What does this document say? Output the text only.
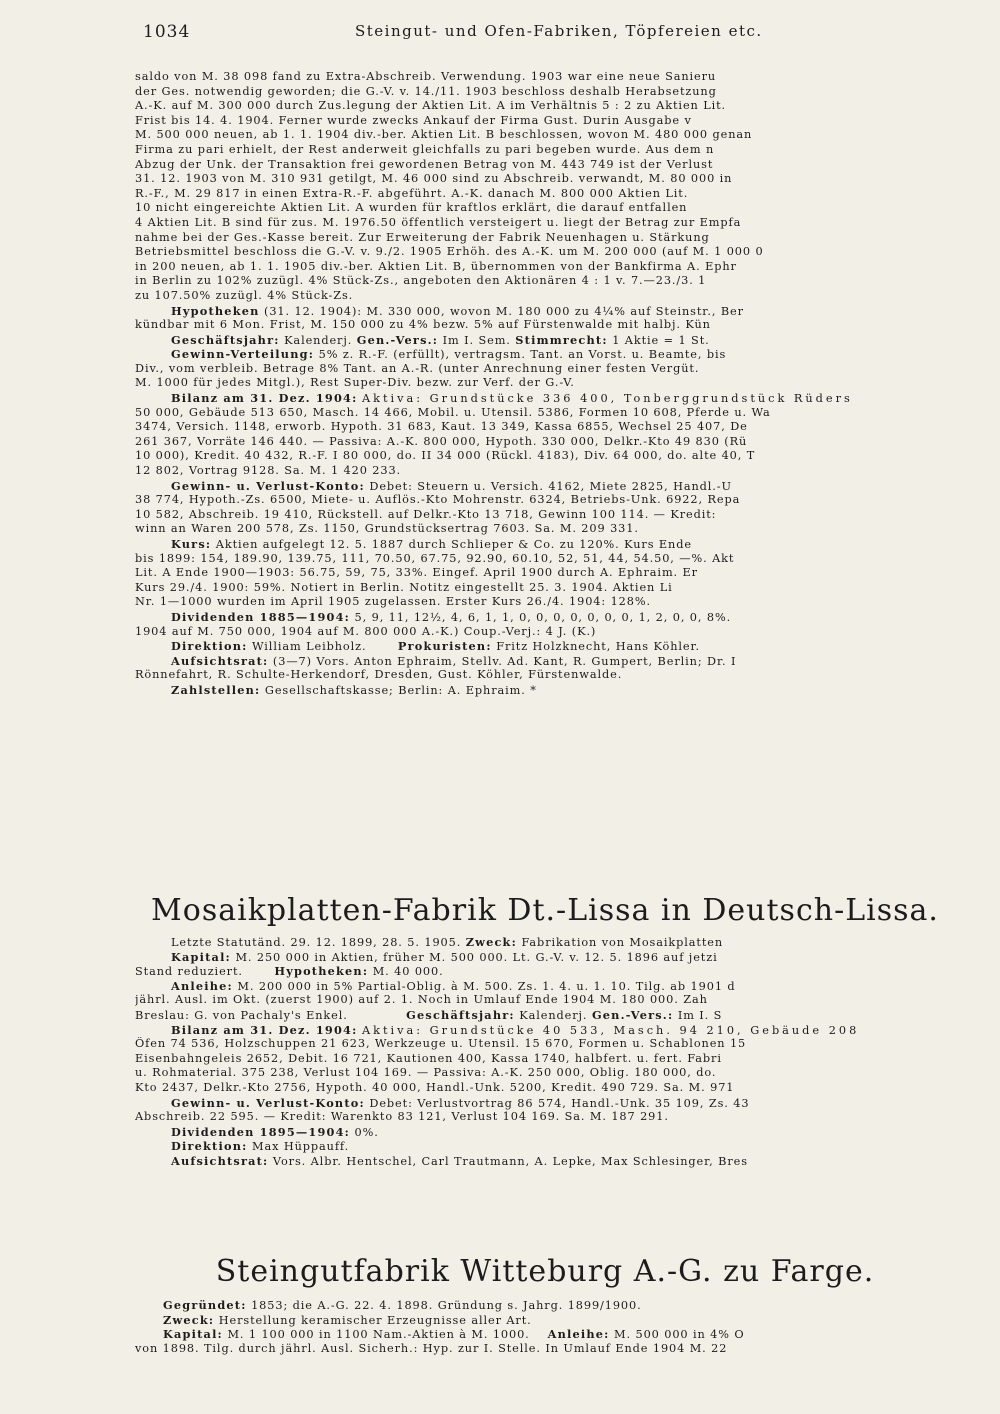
1034	Steingut- und Ofen-Fabriken, Töpfereien etc.
saldo von M. 38 098 fand zu Extra-Abschreib. Verwendung. 1903 war eine neue Sanieru
der Ges. notwendig geworden; die G.-V. v. 14./11. 1903 beschloss deshalb Herabsetzung
A.-K. auf M. 300 000 durch Zus.legung der Aktien Lit. A im Verhältnis 5 : 2 zu Aktien Lit.
Frist bis 14. 4. 1904. Ferner wurde zwecks Ankauf der Firma Gust. Durin Ausgabe v
M. 500 000 neuen, ab 1. 1. 1904 div.-ber. Aktien Lit. B beschlossen, wovon M. 480 000 genan
Firma zu pari erhielt, der Rest anderweit gleichfalls zu pari begeben wurde. Aus dem n
Abzug der Unk. der Transaktion frei gewordenen Betrag von M. 443 749 ist der Verlust
31. 12. 1903 von M. 310 931 getilgt, M. 46 000 sind zu Abschreib. verwandt, M. 80 000 in
R.-F., M. 29 817 in einen Extra-R.-F. abgeführt. A.-K. danach M. 800 000 Aktien Lit.
10 nicht eingereichte Aktien Lit. A wurden für kraftlos erklärt, die darauf entfallen
4 Aktien Lit. B sind für zus. M. 1976.50 öffentlich versteigert u. liegt der Betrag zur Empfa
nahme bei der Ges.-Kasse bereit. Zur Erweiterung der Fabrik Neuenhagen u. Stärkung
Betriebsmittel beschloss die G.-V. v. 9./2. 1905 Erhöh. des A.-K. um M. 200 000 (auf M. 1 000 0
in 200 neuen, ab 1. 1. 1905 div.-ber. Aktien Lit. B, übernommen von der Bankfirma A. Ephr
in Berlin zu 102% zuzügl. 4% Stück-Zs., angeboten den Aktionären 4 : 1 v. 7.—23./3. 1
zu 107.50% zuzügl. 4% Stück-Zs.
Hypotheken (31. 12. 1904): M. 330 000, wovon M. 180 000 zu 4¼% auf Steinstr., Ber
kündbar mit 6 Mon. Frist, M. 150 000 zu 4% bezw. 5% auf Fürstenwalde mit halbj. Kün
Geschäftsjahr: Kalenderj. Gen.-Vers.: Im I. Sem. Stimmrecht: 1 Aktie = 1 St.
Gewinn-Verteilung: 5% z. R.-F. (erfüllt), vertragsm. Tant. an Vorst. u. Beamte, bis
Div., vom verbleib. Betrage 8% Tant. an A.-R. (unter Anrechnung einer festen Vergüt.
M. 1000 für jedes Mitgl.), Rest Super-Div. bezw. zur Verf. der G.-V.
Bilanz am 31. Dez. 1904: Aktiva: Grundstücke 336 400, Tonberggrundstück Rüders
50 000, Gebäude 513 650, Masch. 14 466, Mobil. u. Utensil. 5386, Formen 10 608, Pferde u. Wa
3474, Versich. 1148, erworb. Hypoth. 31 683, Kaut. 13 349, Kassa 6855, Wechsel 25 407, De
261 367, Vorräte 146 440. — Passiva: A.-K. 800 000, Hypoth. 330 000, Delkr.-Kto 49 830 (Rü
10 000), Kredit. 40 432, R.-F. I 80 000, do. II 34 000 (Rückl. 4183), Div. 64 000, do. alte 40, T
12 802, Vortrag 9128. Sa. M. 1 420 233.
Gewinn- u. Verlust-Konto: Debet: Steuern u. Versich. 4162, Miete 2825, Handl.-U
38 774, Hypoth.-Zs. 6500, Miete- u. Auflös.-Kto Mohrenstr. 6324, Betriebs-Unk. 6922, Repa
10 582, Abschreib. 19 410, Rückstell. auf Delkr.-Kto 13 718, Gewinn 100 114. — Kredit:
winn an Waren 200 578, Zs. 1150, Grundstücksertrag 7603. Sa. M. 209 331.
Kurs: Aktien aufgelegt 12. 5. 1887 durch Schlieper & Co. zu 120%. Kurs Ende
bis 1899: 154, 189.90, 139.75, 111, 70.50, 67.75, 92.90, 60.10, 52, 51, 44, 54.50, —%. Akt
Lit. A Ende 1900—1903: 56.75, 59, 75, 33%. Eingef. April 1900 durch A. Ephraim. Er
Kurs 29./4. 1900: 59%. Notiert in Berlin. Notitz eingestellt 25. 3. 1904. Aktien Li
Nr. 1—1000 wurden im April 1905 zugelassen. Erster Kurs 26./4. 1904: 128%.
Dividenden 1885—1904: 5, 9, 11, 12½, 4, 6, 1, 1, 0, 0, 0, 0, 0, 0, 0, 1, 2, 0, 0, 8%.
1904 auf M. 750 000, 1904 auf M. 800 000 A.-K.) Coup.-Verj.: 4 J. (K.)
Direktion: William Leibholz.	Prokuristen: Fritz Holzknecht, Hans Köhler.
Aufsichtsrat: (3—7) Vors. Anton Ephraim, Stellv. Ad. Kant, R. Gumpert, Berlin; Dr. I
Rönnefahrt, R. Schulte-Herkendorf, Dresden, Gust. Köhler, Fürstenwalde.
Zahlstellen: Gesellschaftskasse; Berlin: A. Ephraim. *
Mosaikplatten-Fabrik Dt.-Lissa in Deutsch-Lissa.
Letzte Statutänd. 29. 12. 1899, 28. 5. 1905. Zweck: Fabrikation von Mosaikplatten
Kapital: M. 250 000 in Aktien, früher M. 500 000. Lt. G.-V. v. 12. 5. 1896 auf jetzi
Stand reduziert.	Hypotheken: M. 40 000.
Anleihe: M. 200 000 in 5% Partial-Oblig. à M. 500. Zs. 1. 4. u. 1. 10. Tilg. ab 1901 d
jährl. Ausl. im Okt. (zuerst 1900) auf 2. 1. Noch in Umlauf Ende 1904 M. 180 000. Zah
Breslau: G. von Pachaly's Enkel.	Geschäftsjahr: Kalenderj. Gen.-Vers.: Im I. S
Bilanz am 31. Dez. 1904: Aktiva: Grundstücke 40 533, Masch. 94 210, Gebäude 208
Öfen 74 536, Holzschuppen 21 623, Werkzeuge u. Utensil. 15 670, Formen u. Schablonen 15
Eisenbahngeleis 2652, Debit. 16 721, Kautionen 400, Kassa 1740, halbfert. u. fert. Fabri
u. Rohmaterial. 375 238, Verlust 104 169. — Passiva: A.-K. 250 000, Oblig. 180 000, do.
Kto 2437, Delkr.-Kto 2756, Hypoth. 40 000, Handl.-Unk. 5200, Kredit. 490 729. Sa. M. 971
Gewinn- u. Verlust-Konto: Debet: Verlustvortrag 86 574, Handl.-Unk. 35 109, Zs. 43
Abschreib. 22 595. — Kredit: Warenkto 83 121, Verlust 104 169. Sa. M. 187 291.
Dividenden 1895—1904: 0%.
Direktion: Max Hüppauff.
Aufsichtsrat: Vors. Albr. Hentschel, Carl Trautmann, A. Lepke, Max Schlesinger, Bres
Steingutfabrik Witteburg A.-G. zu Farge.
Gegründet: 1853; die A.-G. 22. 4. 1898. Gründung s. Jahrg. 1899/1900.
Zweck: Herstellung keramischer Erzeugnisse aller Art.
Kapital: M. 1 100 000 in 1100 Nam.-Aktien à M. 1000. Anleihe: M. 500 000 in 4% O
von 1898. Tilg. durch jährl. Ausl. Sicherh.: Hyp. zur I. Stelle. In Umlauf Ende 1904 M. 22
